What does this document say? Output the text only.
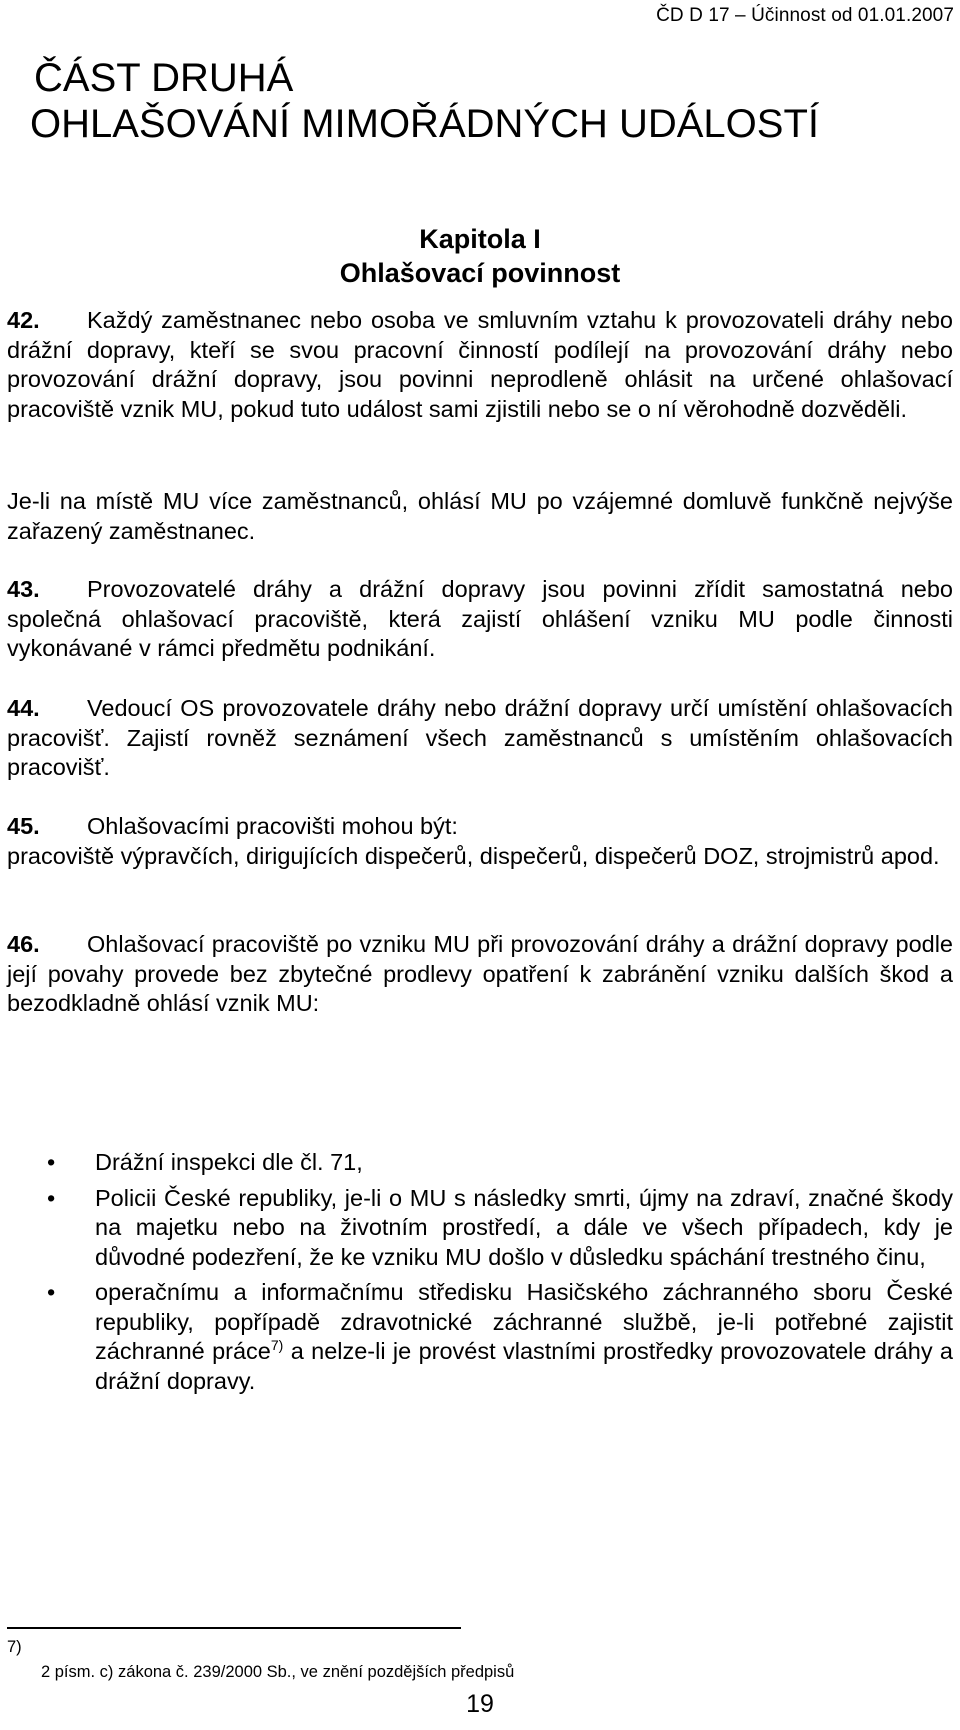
ČD D 17 – Účinnost od 01.01.2007
ČÁST DRUHÁ
OHLAŠOVÁNÍ MIMOŘÁDNÝCH UDÁLOSTÍ
Kapitola I
Ohlašovací povinnost

42. Každý zaměstnanec nebo osoba ve smluvním vztahu k provozovateli dráhy nebo drážní dopravy, kteří se svou pracovní činností podílejí na provozování dráhy nebo provozování drážní dopravy, jsou povinni neprodleně ohlásit na určené ohlašovací pracoviště vznik MU, pokud tuto událost sami zjistili nebo se o ní věrohodně dozvěděli.

Je-li na místě MU více zaměstnanců, ohlásí MU po vzájemné domluvě funkčně nejvýše zařazený zaměstnanec.

43. Provozovatelé dráhy a drážní dopravy jsou povinni zřídit samostatná nebo společná ohlašovací pracoviště, která zajistí ohlášení vzniku MU podle činnosti vykonávané v rámci předmětu podnikání.

44. Vedoucí OS provozovatele dráhy nebo drážní dopravy určí umístění ohlašovacích pracovišť. Zajistí rovněž seznámení všech zaměstnanců s umístěním ohlašovacích pracovišť.

45. Ohlašovacími pracovišti mohou být:

pracoviště výpravčích, dirigujících dispečerů, dispečerů, dispečerů DOZ, strojmistrů apod.

46. Ohlašovací pracoviště po vzniku MU při provozování dráhy a drážní dopravy podle její povahy provede bez zbytečné prodlevy opatření k zabránění vzniku dalších škod a bezodkladně ohlásí vznik MU:

• Drážní inspekci dle čl. 71,
• Policii České republiky, je-li o MU s následky smrti, újmy na zdraví, značné škody na majetku nebo na životním prostředí, a dále ve všech případech, kdy je důvodné podezření, že ke vzniku MU došlo v důsledku spáchání trestného činu,
• operačnímu a informačnímu středisku Hasičského záchranného sboru České republiky, popřípadě zdravotnické záchranné službě, je-li potřebné zajistit záchranné práce$^{7)}$ a nelze-li je provést vlastními prostředky provozovatele dráhy a drážní dopravy.
7)
2 písm. c) zákona č. 239/2000 Sb., ve znění pozdějších předpisů
19
